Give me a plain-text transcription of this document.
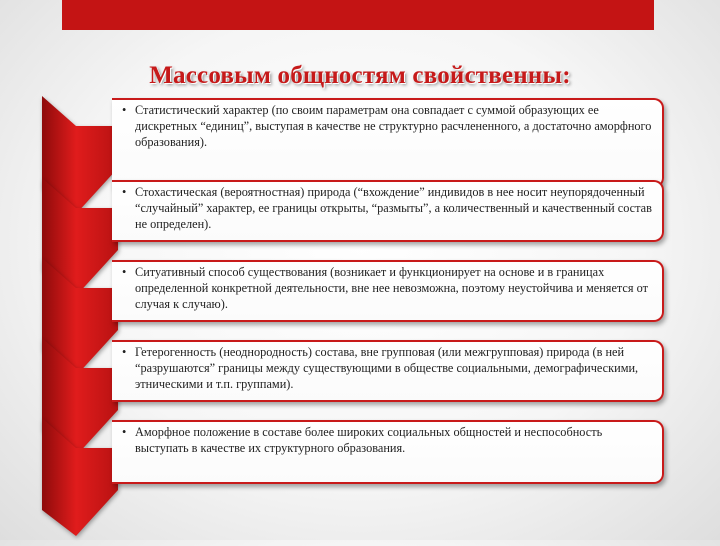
Массовым общностям свойственны:
• Статистический характер (по своим параметрам она совпадает с суммой образующих ее дискретных “единиц”, выступая в качестве не структурно расчлененного, а достаточно аморфного образования).
• Стохастическая (вероятностная) природа (“вхождение” индивидов в нее носит неупорядоченный “случайный” характер, ее границы открыты, “размыты”, а количественный и качественный состав не определен).
• Ситуативный способ существования (возникает и функционирует на основе и в границах определенной конкретной деятельности, вне нее невозможна, поэтому неустойчива и меняется от случая к случаю).
• Гетерогенность (неоднородность) состава, вне групповая (или межгрупповая) природа (в ней “разрушаются” границы между существующими в обществе социальными, демографическими, этническими и т.п. группами).
• Аморфное положение в составе более широких социальных общностей и неспособность выступать в качестве их структурного образования.
